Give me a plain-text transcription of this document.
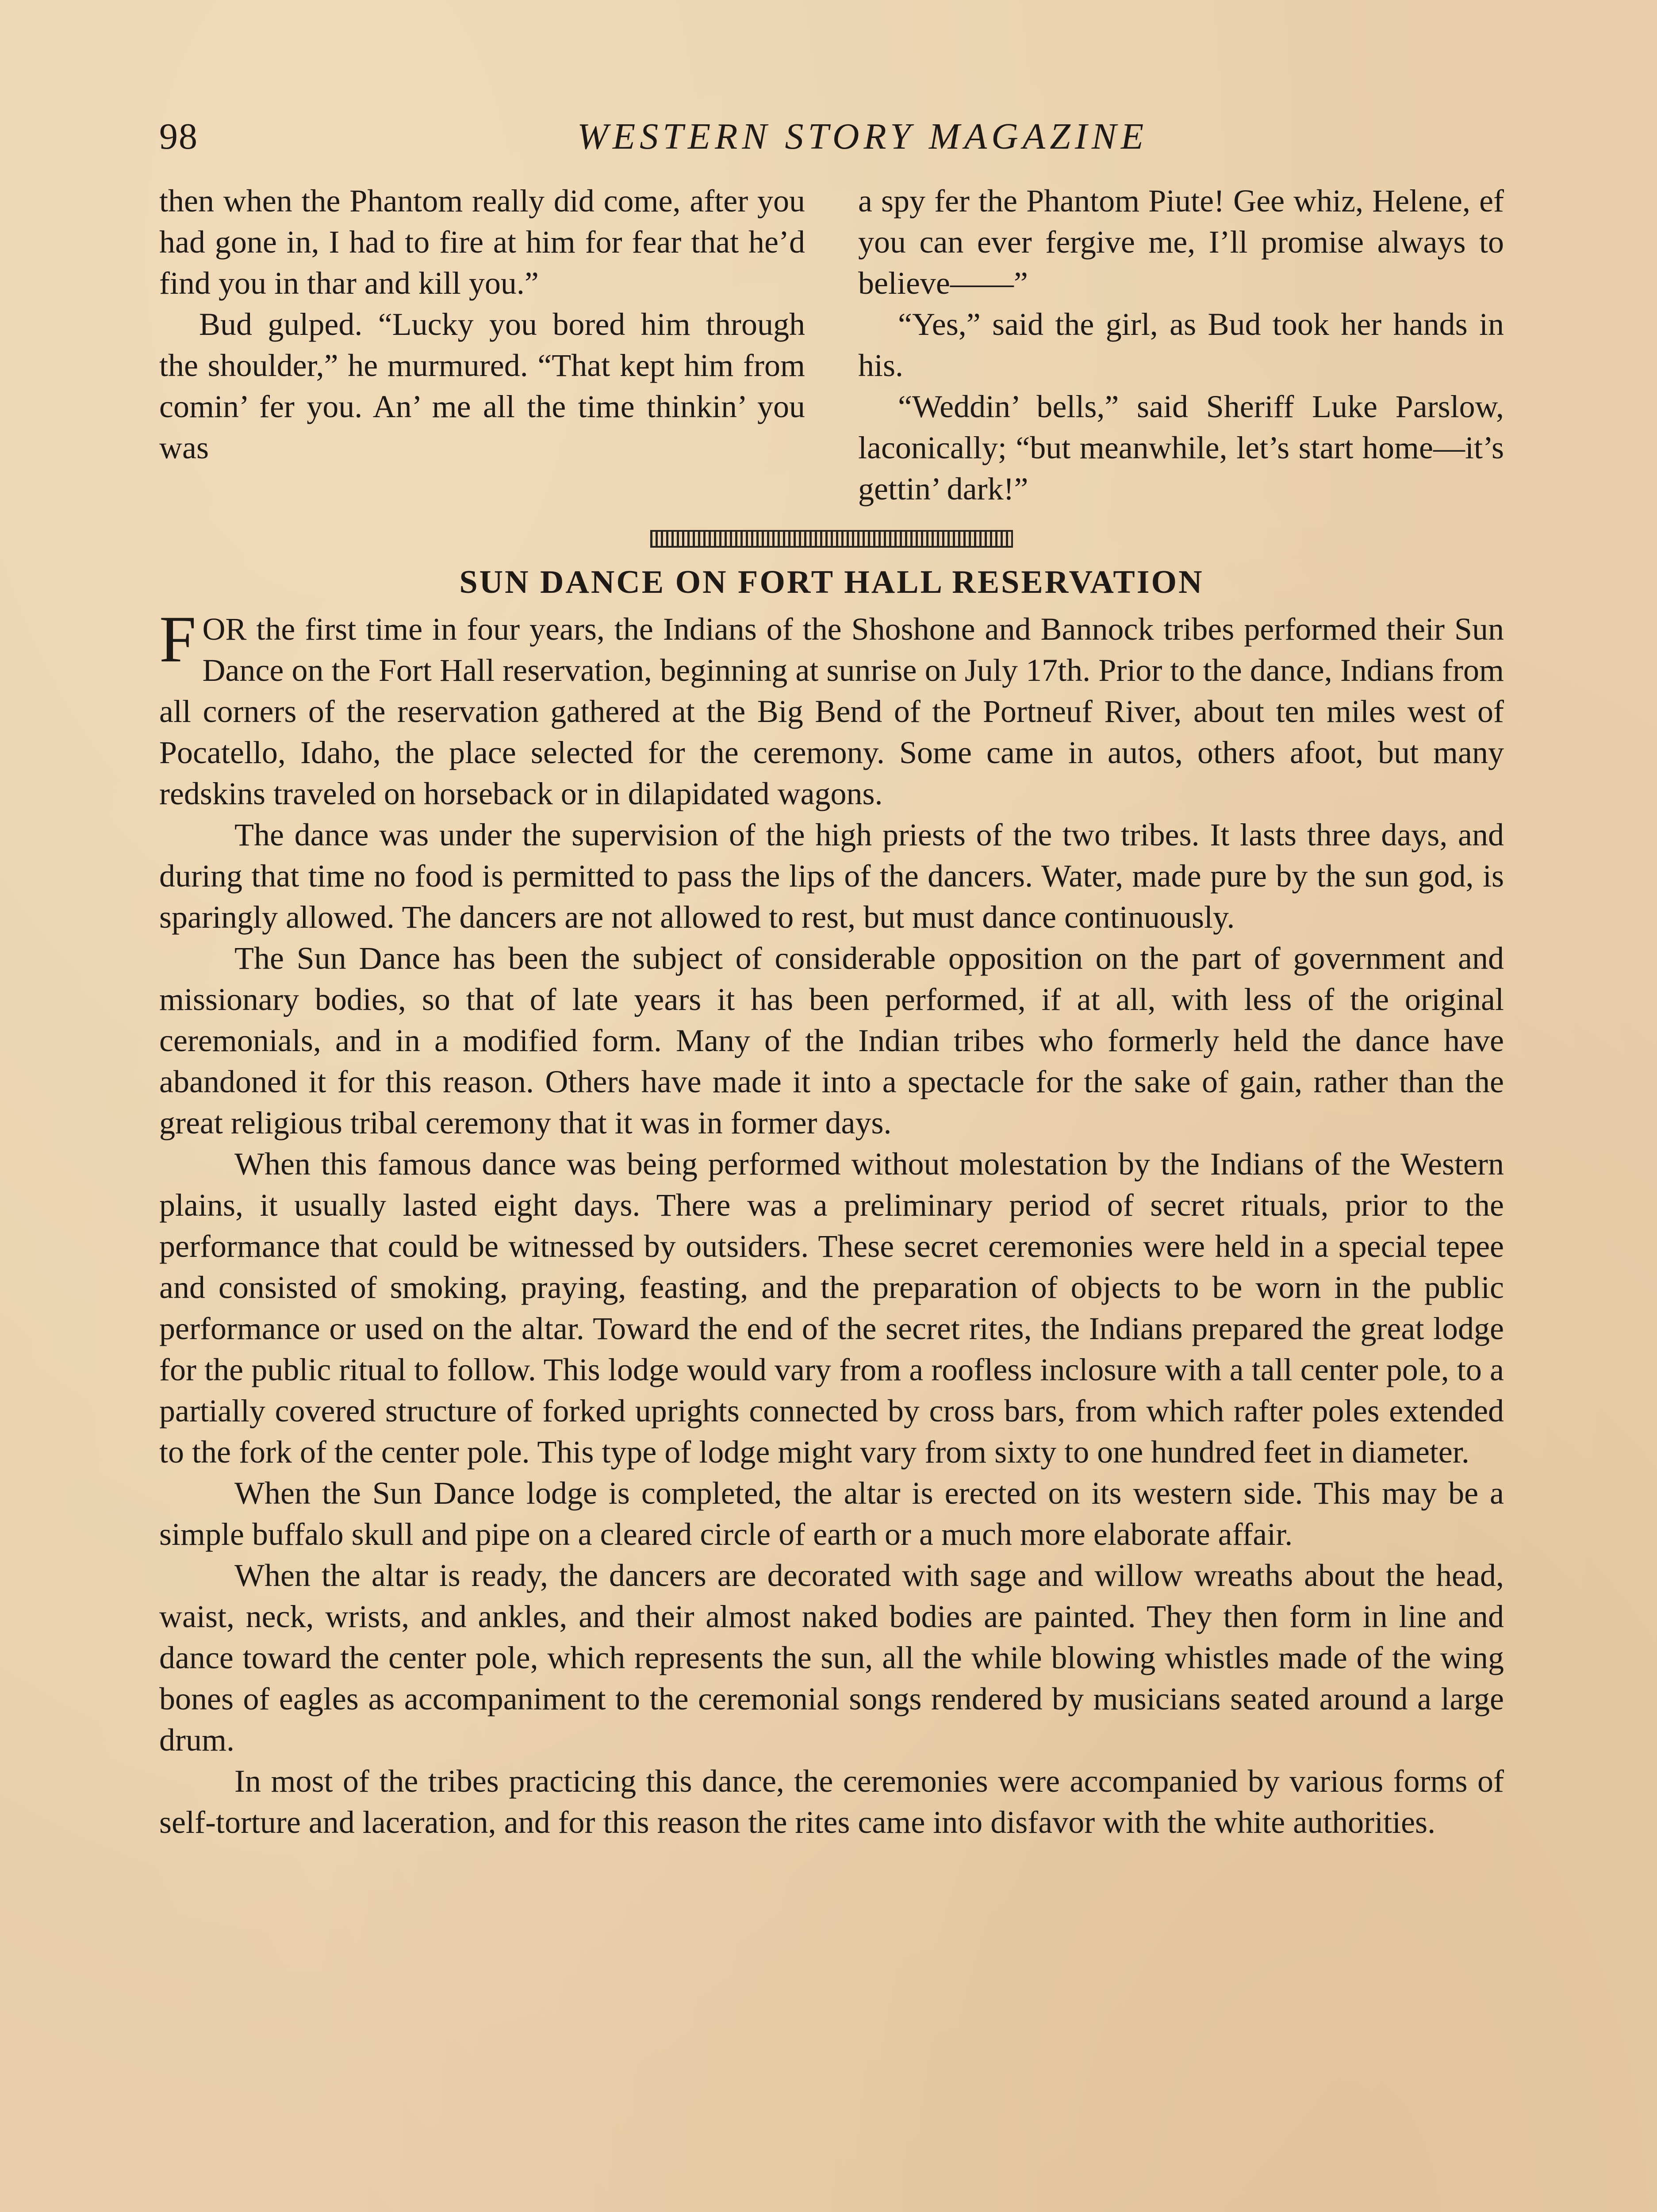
98	WESTERN STORY MAGAZINE

then when the Phantom really did come, after you had gone in, I had to fire at him for fear that he’d find you in thar and kill you.”

Bud gulped. “Lucky you bored him through the shoulder,” he murmured. “That kept him from comin’ fer you. An’ me all the time thinkin’ you was

a spy fer the Phantom Piute! Gee whiz, Helene, ef you can ever fergive me, I’ll promise always to believe——”

“Yes,” said the girl, as Bud took her hands in his.

“Weddin’ bells,” said Sheriff Luke Parslow, laconically; “but meanwhile, let’s start home—it’s gettin’ dark!”

SUN DANCE ON FORT HALL RESERVATION

FOR the first time in four years, the Indians of the Shoshone and Bannock tribes performed their Sun Dance on the Fort Hall reservation, beginning at sunrise on July 17th. Prior to the dance, Indians from all corners of the reservation gathered at the Big Bend of the Portneuf River, about ten miles west of Pocatello, Idaho, the place selected for the ceremony. Some came in autos, others afoot, but many redskins traveled on horseback or in dilapidated wagons.

The dance was under the supervision of the high priests of the two tribes. It lasts three days, and during that time no food is permitted to pass the lips of the dancers. Water, made pure by the sun god, is sparingly allowed. The dancers are not allowed to rest, but must dance continuously.

The Sun Dance has been the subject of considerable opposition on the part of government and missionary bodies, so that of late years it has been performed, if at all, with less of the original ceremonials, and in a modified form. Many of the Indian tribes who formerly held the dance have abandoned it for this reason. Others have made it into a spectacle for the sake of gain, rather than the great religious tribal ceremony that it was in former days.

When this famous dance was being performed without molestation by the Indians of the Western plains, it usually lasted eight days. There was a preliminary period of secret rituals, prior to the performance that could be witnessed by outsiders. These secret ceremonies were held in a special tepee and consisted of smoking, praying, feasting, and the preparation of objects to be worn in the public performance or used on the altar. Toward the end of the secret rites, the Indians prepared the great lodge for the public ritual to follow. This lodge would vary from a roofless inclosure with a tall center pole, to a partially covered structure of forked uprights connected by cross bars, from which rafter poles extended to the fork of the center pole. This type of lodge might vary from sixty to one hundred feet in diameter.

When the Sun Dance lodge is completed, the altar is erected on its western side. This may be a simple buffalo skull and pipe on a cleared circle of earth or a much more elaborate affair.

When the altar is ready, the dancers are decorated with sage and willow wreaths about the head, waist, neck, wrists, and ankles, and their almost naked bodies are painted. They then form in line and dance toward the center pole, which represents the sun, all the while blowing whistles made of the wing bones of eagles as accompaniment to the ceremonial songs rendered by musicians seated around a large drum.

In most of the tribes practicing this dance, the ceremonies were accompanied by various forms of self-torture and laceration, and for this reason the rites came into disfavor with the white authorities.
